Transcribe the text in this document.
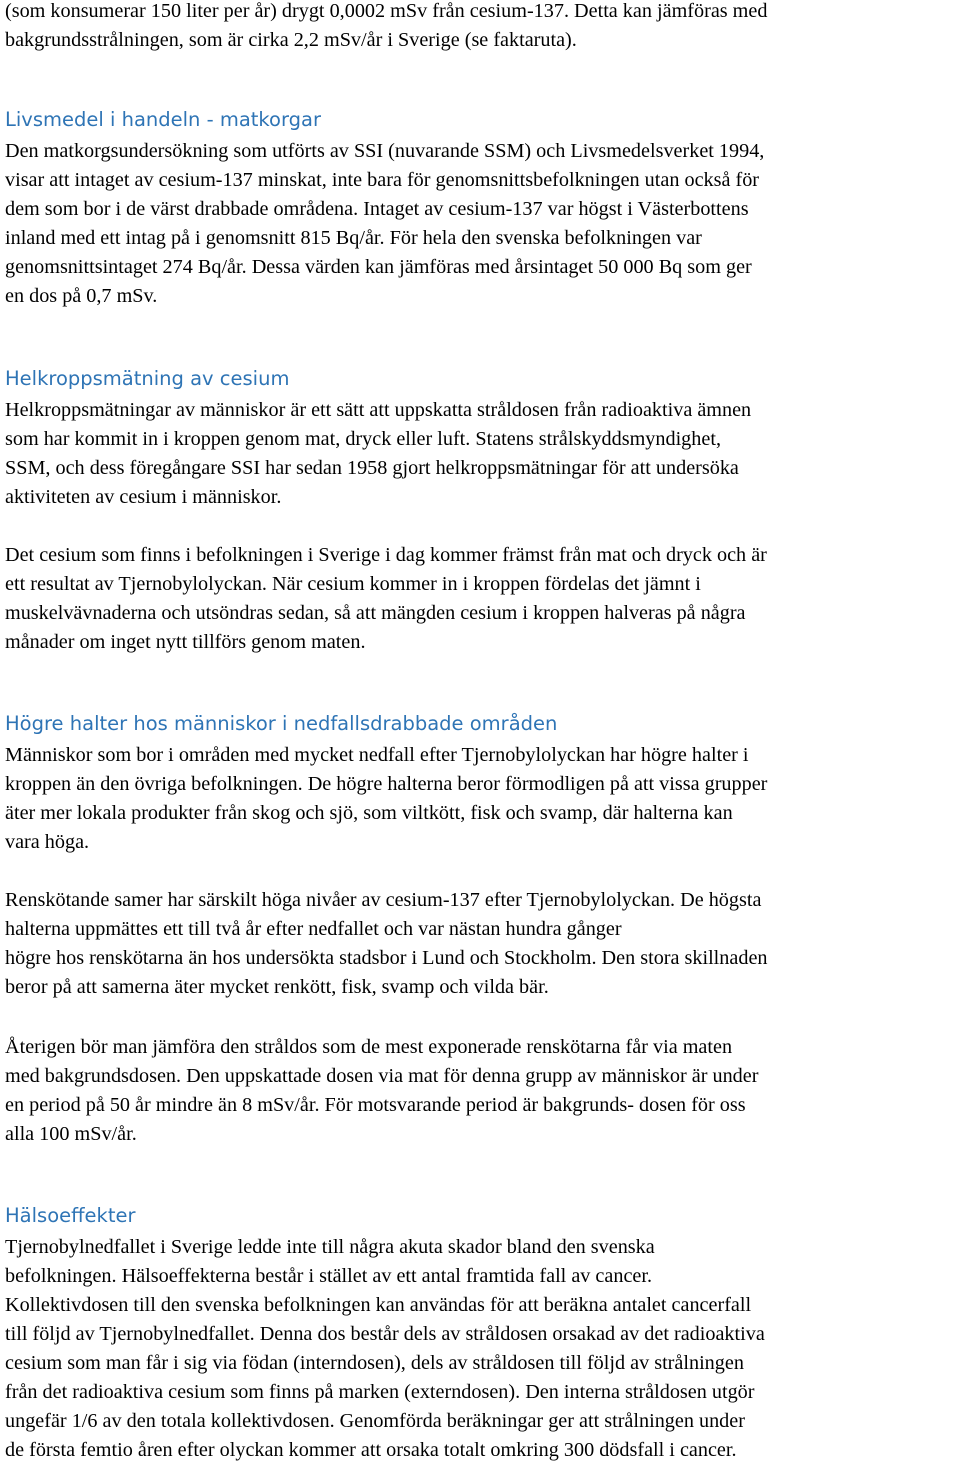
(som konsumerar 150 liter per år) drygt 0,0002 mSv från cesium-137. Detta kan jämföras med
bakgrundsstrålningen, som är cirka 2,2 mSv/år i Sverige (se faktaruta).
Livsmedel i handeln - matkorgar
Den matkorgsundersökning som utförts av SSI (nuvarande SSM) och Livsmedelsverket 1994,
visar att intaget av cesium-137 minskat, inte bara för genomsnittsbefolkningen utan också för
dem som bor i de värst drabbade områdena. Intaget av cesium-137 var högst i Västerbottens
inland med ett intag på i genomsnitt 815 Bq/år. För hela den svenska befolkningen var
genomsnittsintaget 274 Bq/år. Dessa värden kan jämföras med årsintaget 50 000 Bq som ger
en dos på 0,7 mSv.
Helkroppsmätning av cesium
Helkroppsmätningar av människor är ett sätt att uppskatta stråldosen från radioaktiva ämnen
som har kommit in i kroppen genom mat, dryck eller luft. Statens strålskyddsmyndighet,
SSM, och dess föregångare SSI har sedan 1958 gjort helkroppsmätningar för att undersöka
aktiviteten av cesium i människor.
Det cesium som finns i befolkningen i Sverige i dag kommer främst från mat och dryck och är
ett resultat av Tjernobylolyckan. När cesium kommer in i kroppen fördelas det jämnt i
muskelvävnaderna och utsöndras sedan, så att mängden cesium i kroppen halveras på några
månader om inget nytt tillförs genom maten.
Högre halter hos människor i nedfallsdrabbade områden
Människor som bor i områden med mycket nedfall efter Tjernobylolyckan har högre halter i
kroppen än den övriga befolkningen. De högre halterna beror förmodligen på att vissa grupper
äter mer lokala produkter från skog och sjö, som viltkött, fisk och svamp, där halterna kan
vara höga.
Renskötande samer har särskilt höga nivåer av cesium-137 efter Tjernobylolyckan. De högsta
halterna uppmättes ett till två år efter nedfallet och var nästan hundra gånger
högre hos renskötarna än hos undersökta stadsbor i Lund och Stockholm. Den stora skillnaden
beror på att samerna äter mycket renkött, fisk, svamp och vilda bär.
Återigen bör man jämföra den stråldos som de mest exponerade renskötarna får via maten
med bakgrundsdosen. Den uppskattade dosen via mat för denna grupp av människor är under
en period på 50 år mindre än 8 mSv/år. För motsvarande period är bakgrunds- dosen för oss
alla 100 mSv/år.
Hälsoeffekter
Tjernobylnedfallet i Sverige ledde inte till några akuta skador bland den svenska
befolkningen. Hälsoeffekterna består i stället av ett antal framtida fall av cancer.
Kollektivdosen till den svenska befolkningen kan användas för att beräkna antalet cancerfall
till följd av Tjernobylnedfallet. Denna dos består dels av stråldosen orsakad av det radioaktiva
cesium som man får i sig via födan (interndosen), dels av stråldosen till följd av strålningen
från det radioaktiva cesium som finns på marken (externdosen). Den interna stråldosen utgör
ungefär 1/6 av den totala kollektivdosen. Genomförda beräkningar ger att strålningen under
de första femtio åren efter olyckan kommer att orsaka totalt omkring 300 dödsfall i cancer.
